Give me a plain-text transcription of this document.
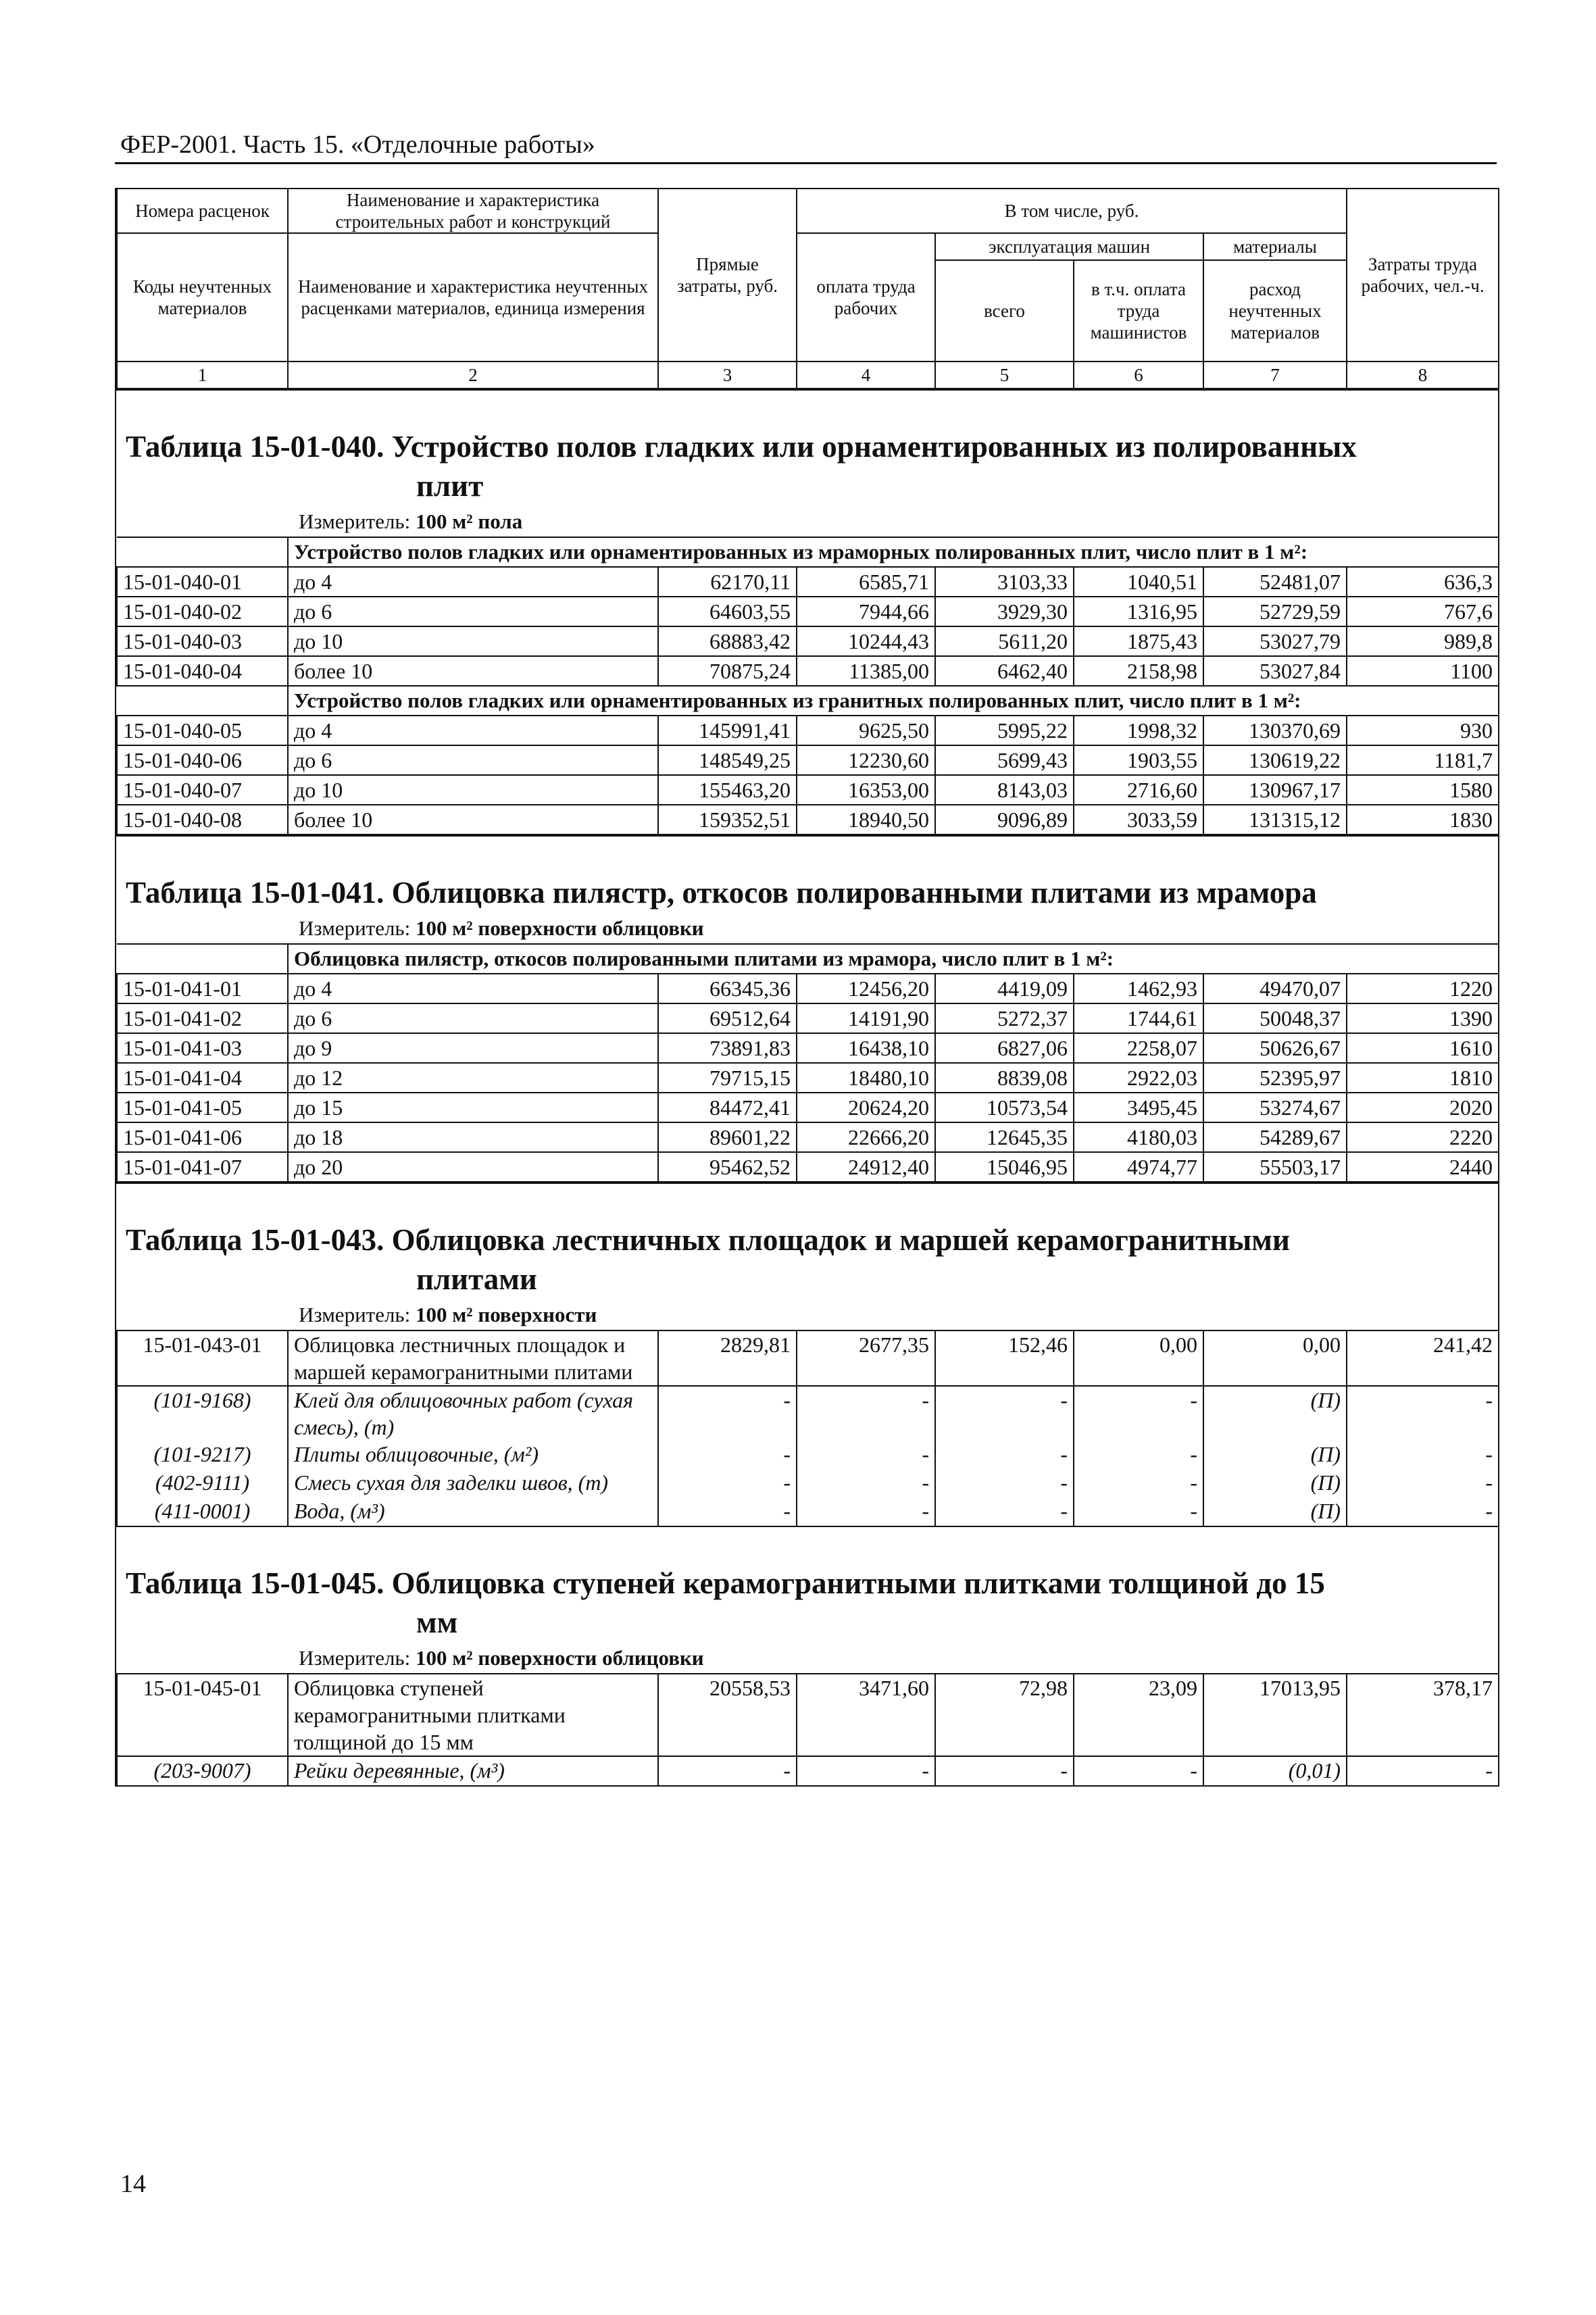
ФЕР-2001. Часть 15. «Отделочные работы»
Номера расценок	Наименование и характеристика строительных работ и конструкций	Прямые затраты, руб.	В том числе, руб.				Затраты труда рабочих, чел.-ч.
Коды неучтенных материалов	Наименование и характеристика неучтенных расценками материалов, единица измерения		оплата труда рабочих	эксплуатация машин		материалы	
				всего	в т.ч. оплата труда машинистов	расход неучтенных материалов	
1	2	3	4	5	6	7	8
Таблица 15-01-040. Устройство полов гладких или орнаментированных из полированных
плит
Измеритель: 100 м² пола
	Устройство полов гладких или орнаментированных из мраморных полированных плит, число плит в 1 м²:						
15-01-040-01	до 4	62170,11	6585,71	3103,33	1040,51	52481,07	636,3
15-01-040-02	до 6	64603,55	7944,66	3929,30	1316,95	52729,59	767,6
15-01-040-03	до 10	68883,42	10244,43	5611,20	1875,43	53027,79	989,8
15-01-040-04	более 10	70875,24	11385,00	6462,40	2158,98	53027,84	1100
	Устройство полов гладких или орнаментированных из гранитных полированных плит, число плит в 1 м²:						
15-01-040-05	до 4	145991,41	9625,50	5995,22	1998,32	130370,69	930
15-01-040-06	до 6	148549,25	12230,60	5699,43	1903,55	130619,22	1181,7
15-01-040-07	до 10	155463,20	16353,00	8143,03	2716,60	130967,17	1580
15-01-040-08	более 10	159352,51	18940,50	9096,89	3033,59	131315,12	1830
Таблица 15-01-041. Облицовка пилястр, откосов полированными плитами из мрамора
Измеритель: 100 м² поверхности облицовки
	Облицовка пилястр, откосов полированными плитами из мрамора, число плит в 1 м²:						
15-01-041-01	до 4	66345,36	12456,20	4419,09	1462,93	49470,07	1220
15-01-041-02	до 6	69512,64	14191,90	5272,37	1744,61	50048,37	1390
15-01-041-03	до 9	73891,83	16438,10	6827,06	2258,07	50626,67	1610
15-01-041-04	до 12	79715,15	18480,10	8839,08	2922,03	52395,97	1810
15-01-041-05	до 15	84472,41	20624,20	10573,54	3495,45	53274,67	2020
15-01-041-06	до 18	89601,22	22666,20	12645,35	4180,03	54289,67	2220
15-01-041-07	до 20	95462,52	24912,40	15046,95	4974,77	55503,17	2440
Таблица 15-01-043. Облицовка лестничных площадок и маршей керамогранитными
плитами
Измеритель: 100 м² поверхности
15-01-043-01	Облицовка лестничных площадок и маршей керамогранитными плитами	2829,81	2677,35	152,46	0,00	0,00	241,42
(101-9168)	Клей для облицовочных работ (сухая смесь), (т)	-	-	-	-	(П)	-
(101-9217)	Плиты облицовочные, (м²)	-	-	-	-	(П)	-
(402-9111)	Смесь сухая для заделки швов, (т)	-	-	-	-	(П)	-
(411-0001)	Вода, (м³)	-	-	-	-	(П)	-
Таблица 15-01-045. Облицовка ступеней керамогранитными плитками толщиной до 15
мм
Измеритель: 100 м² поверхности облицовки
15-01-045-01	Облицовка ступеней керамогранитными плитками толщиной до 15 мм	20558,53	3471,60	72,98	23,09	17013,95	378,17
(203-9007)	Рейки деревянные, (м³)	-	-	-	-	(0,01)	-
14
